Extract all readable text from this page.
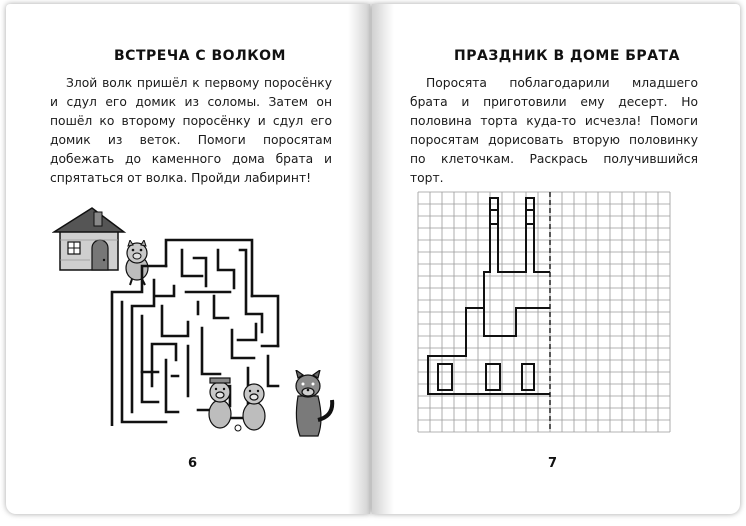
ВСТРЕЧА С ВОЛКОМ
Злой волк пришёл к первому поросёнку и сдул его домик из соломы. Затем он пошёл ко второму поросёнку и сдул его домик из веток. Помоги поросятам добежать до каменного дома брата и спрятаться от волка. Пройди лабиринт!
6
ПРАЗДНИК В ДОМЕ БРАТА
Поросята поблагодарили младшего брата и приготовили ему десерт. Но половина торта куда-то исчезла! Помоги поросятам дорисовать вторую половинку по клеточкам. Раскрась получившийся торт.
7
